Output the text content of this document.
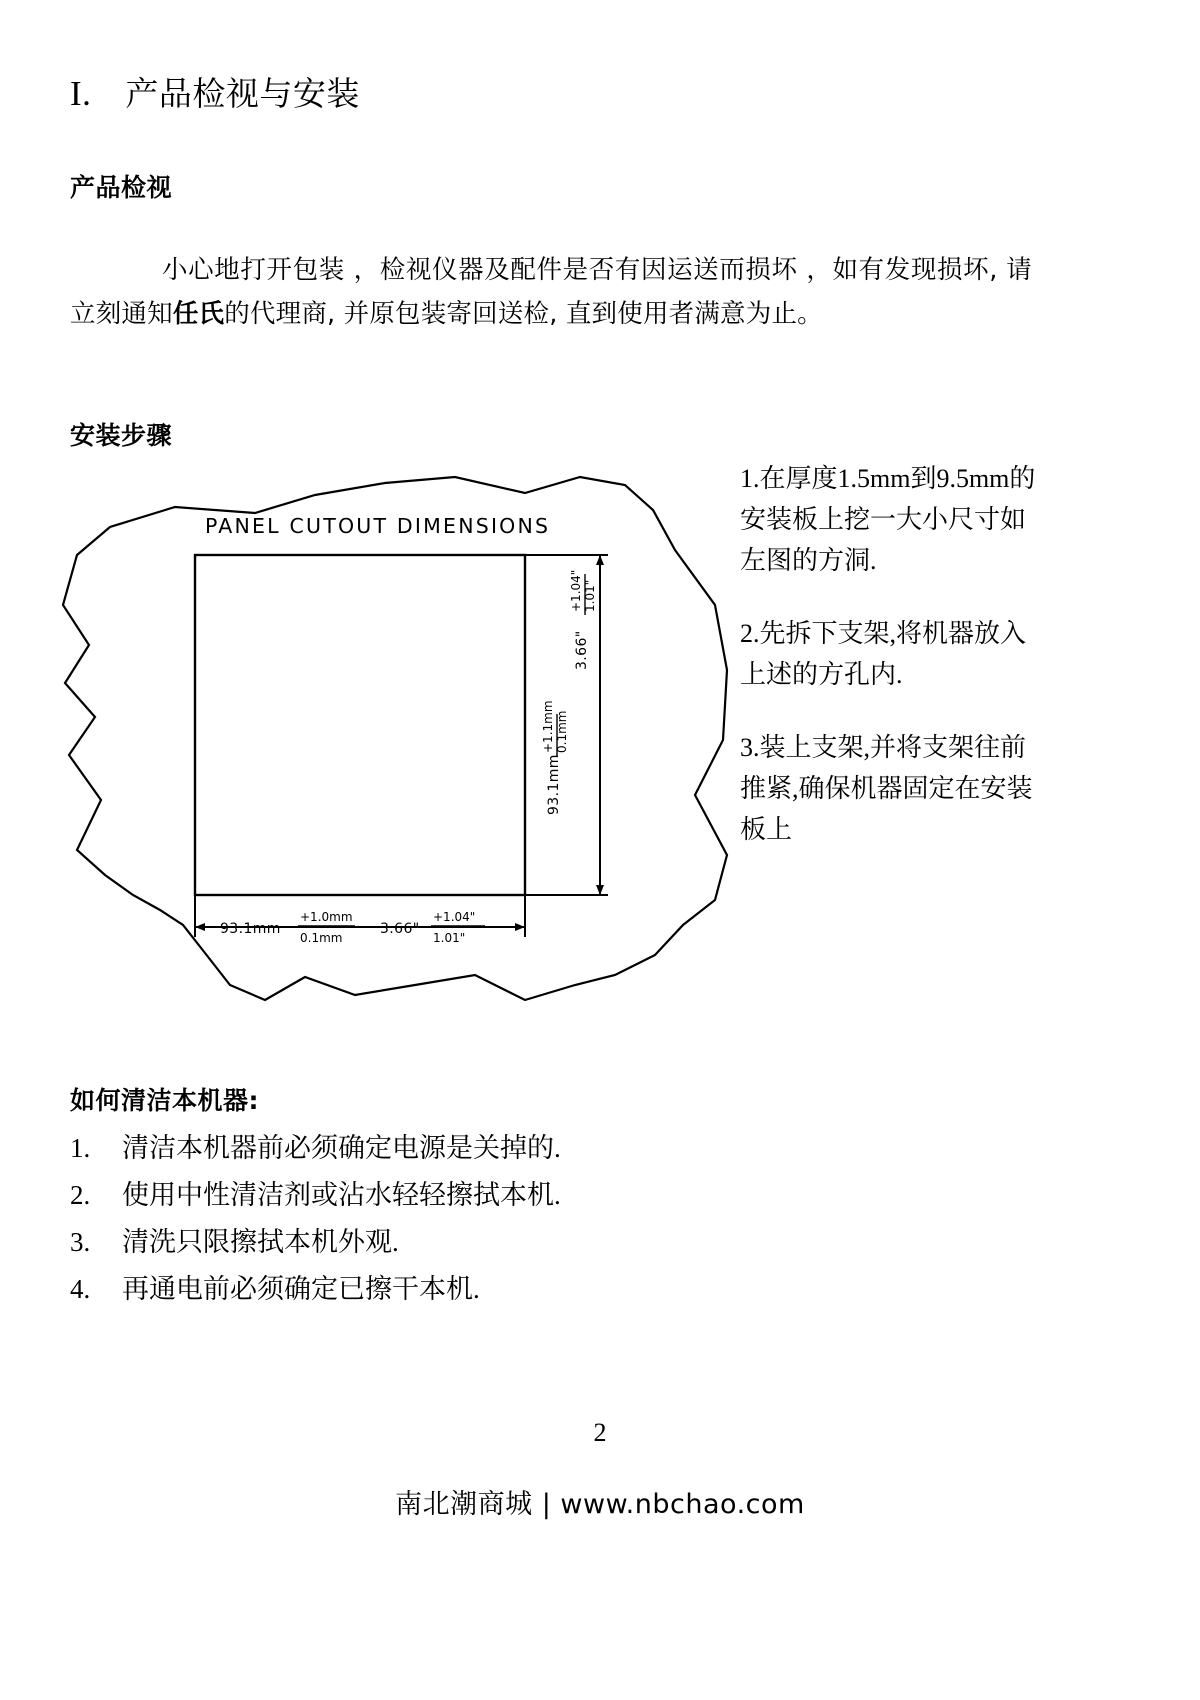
I. 产品检视与安装
产品检视
小心地打开包装 ，检视仪器及配件是否有因运送而损坏 ，如有发现损坏, 请立刻通知任氏的代理商, 并原包装寄回送检, 直到使用者满意为止。
安装步骤
PANEL CUTOUT DIMENSIONS
3.66"
+1.04" 1.01"
93.1mm
+1.1mm 0.1mm
93.1mm
+1.0mm
0.1mm
3.66"
+1.04"
1.01"
1.在厚度1.5mm到9.5mm的安装板上挖一大小尺寸如左图的方洞.
2.先拆下支架,将机器放入上述的方孔内.
3.装上支架,并将支架往前推紧,确保机器固定在安装板上
如何清洁本机器:
1.	清洁本机器前必须确定电源是关掉的.
2.	使用中性清洁剂或沾水轻轻擦拭本机.
3.	清洗只限擦拭本机外观.
4.	再通电前必须确定已擦干本机.
2
南北潮商城 | www.nbchao.com
